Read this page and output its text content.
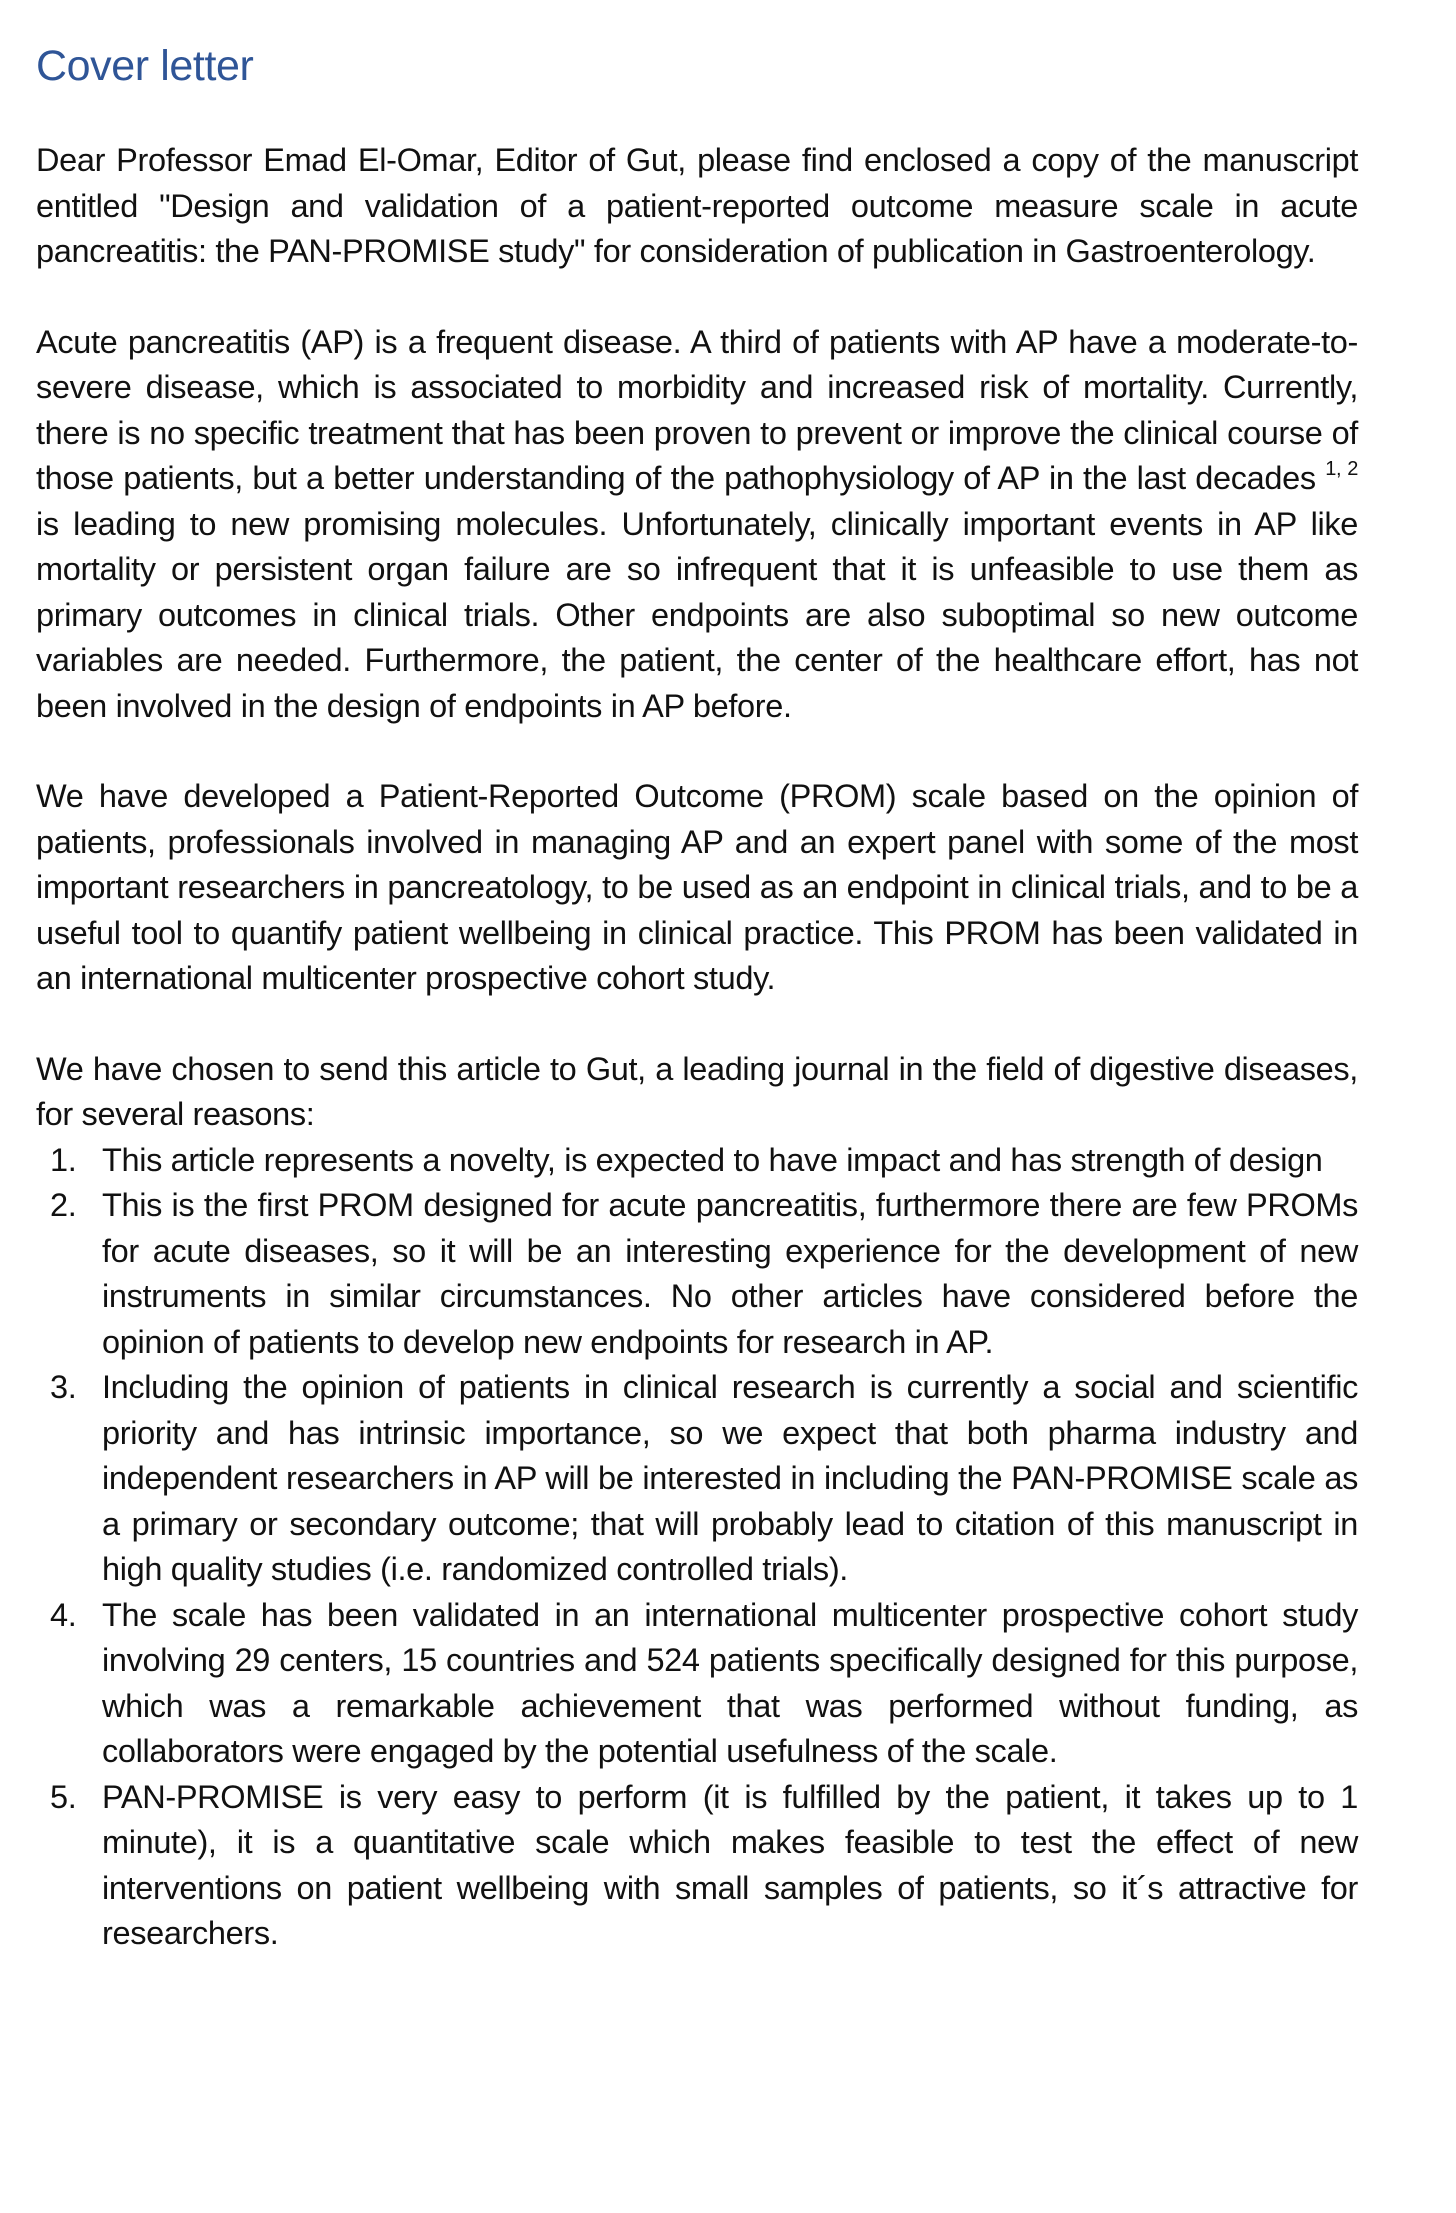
Cover letter

Dear Professor Emad El-Omar, Editor of Gut, please find enclosed a copy of the manuscript entitled "Design and validation of a patient-reported outcome measure scale in acute pancreatitis: the PAN-PROMISE study" for consideration of publication in Gastroenterology.

Acute pancreatitis (AP) is a frequent disease. A third of patients with AP have a moderate-to-severe disease, which is associated to morbidity and increased risk of mortality. Currently, there is no specific treatment that has been proven to prevent or improve the clinical course of those patients, but a better understanding of the pathophysiology of AP in the last decades $^{1, 2}$ is leading to new promising molecules. Unfortunately, clinically important events in AP like mortality or persistent organ failure are so infrequent that it is unfeasible to use them as primary outcomes in clinical trials. Other endpoints are also suboptimal so new outcome variables are needed. Furthermore, the patient, the center of the healthcare effort, has not been involved in the design of endpoints in AP before.

We have developed a Patient-Reported Outcome (PROM) scale based on the opinion of patients, professionals involved in managing AP and an expert panel with some of the most important researchers in pancreatology, to be used as an endpoint in clinical trials, and to be a useful tool to quantify patient wellbeing in clinical practice. This PROM has been validated in an international multicenter prospective cohort study.

We have chosen to send this article to Gut, a leading journal in the field of digestive diseases, for several reasons:

1. This article represents a novelty, is expected to have impact and has strength of design
2. This is the first PROM designed for acute pancreatitis, furthermore there are few PROMs for acute diseases, so it will be an interesting experience for the development of new instruments in similar circumstances. No other articles have considered before the opinion of patients to develop new endpoints for research in AP.
3. Including the opinion of patients in clinical research is currently a social and scientific priority and has intrinsic importance, so we expect that both pharma industry and independent researchers in AP will be interested in including the PAN-PROMISE scale as a primary or secondary outcome; that will probably lead to citation of this manuscript in high quality studies (i.e. randomized controlled trials).
4. The scale has been validated in an international multicenter prospective cohort study involving 29 centers, 15 countries and 524 patients specifically designed for this purpose, which was a remarkable achievement that was performed without funding, as collaborators were engaged by the potential usefulness of the scale.
5. PAN-PROMISE is very easy to perform (it is fulfilled by the patient, it takes up to 1 minute), it is a quantitative scale which makes feasible to test the effect of new interventions on patient wellbeing with small samples of patients, so it´s attractive for researchers.
